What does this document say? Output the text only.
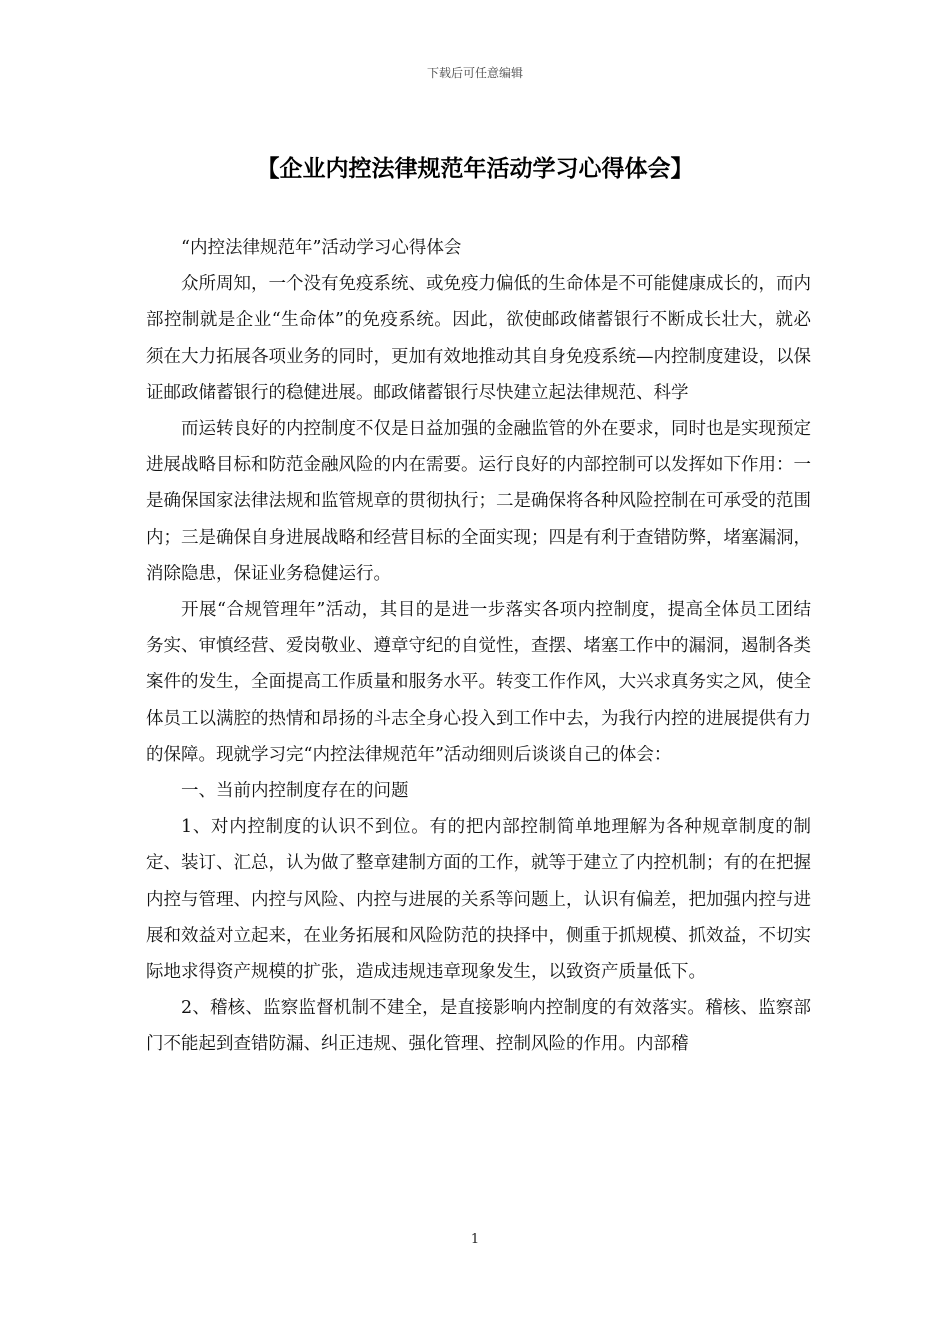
下载后可任意编辑
【企业内控法律规范年活动学习心得体会】

“内控法律规范年”活动学习心得体会

众所周知，一个没有免疫系统、或免疫力偏低的生命体是不可能健康成长的，而内部控制就是企业“生命体”的免疫系统。因此，欲使邮政储蓄银行不断成长壮大，就必须在大力拓展各项业务的同时，更加有效地推动其自身免疫系统—内控制度建设，以保证邮政储蓄银行的稳健进展。邮政储蓄银行尽快建立起法律规范、科学

而运转良好的内控制度不仅是日益加强的金融监管的外在要求，同时也是实现预定进展战略目标和防范金融风险的内在需要。运行良好的内部控制可以发挥如下作用：一是确保国家法律法规和监管规章的贯彻执行；二是确保将各种风险控制在可承受的范围内；三是确保自身进展战略和经营目标的全面实现；四是有利于查错防弊，堵塞漏洞，消除隐患，保证业务稳健运行。

开展“合规管理年”活动，其目的是进一步落实各项内控制度，提高全体员工团结务实、审慎经营、爱岗敬业、遵章守纪的自觉性，查摆、堵塞工作中的漏洞，遏制各类案件的发生，全面提高工作质量和服务水平。转变工作作风，大兴求真务实之风，使全体员工以满腔的热情和昂扬的斗志全身心投入到工作中去，为我行内控的进展提供有力的保障。现就学习完“内控法律规范年”活动细则后谈谈自己的体会：

一、当前内控制度存在的问题

1、对内控制度的认识不到位。有的把内部控制简单地理解为各种规章制度的制定、装订、汇总，认为做了整章建制方面的工作，就等于建立了内控机制；有的在把握内控与管理、内控与风险、内控与进展的关系等问题上，认识有偏差，把加强内控与进展和效益对立起来，在业务拓展和风险防范的抉择中，侧重于抓规模、抓效益，不切实际地求得资产规模的扩张，造成违规违章现象发生，以致资产质量低下。

2、稽核、监察监督机制不建全，是直接影响内控制度的有效落实。稽核、监察部门不能起到查错防漏、纠正违规、强化管理、控制风险的作用。内部稽

1
